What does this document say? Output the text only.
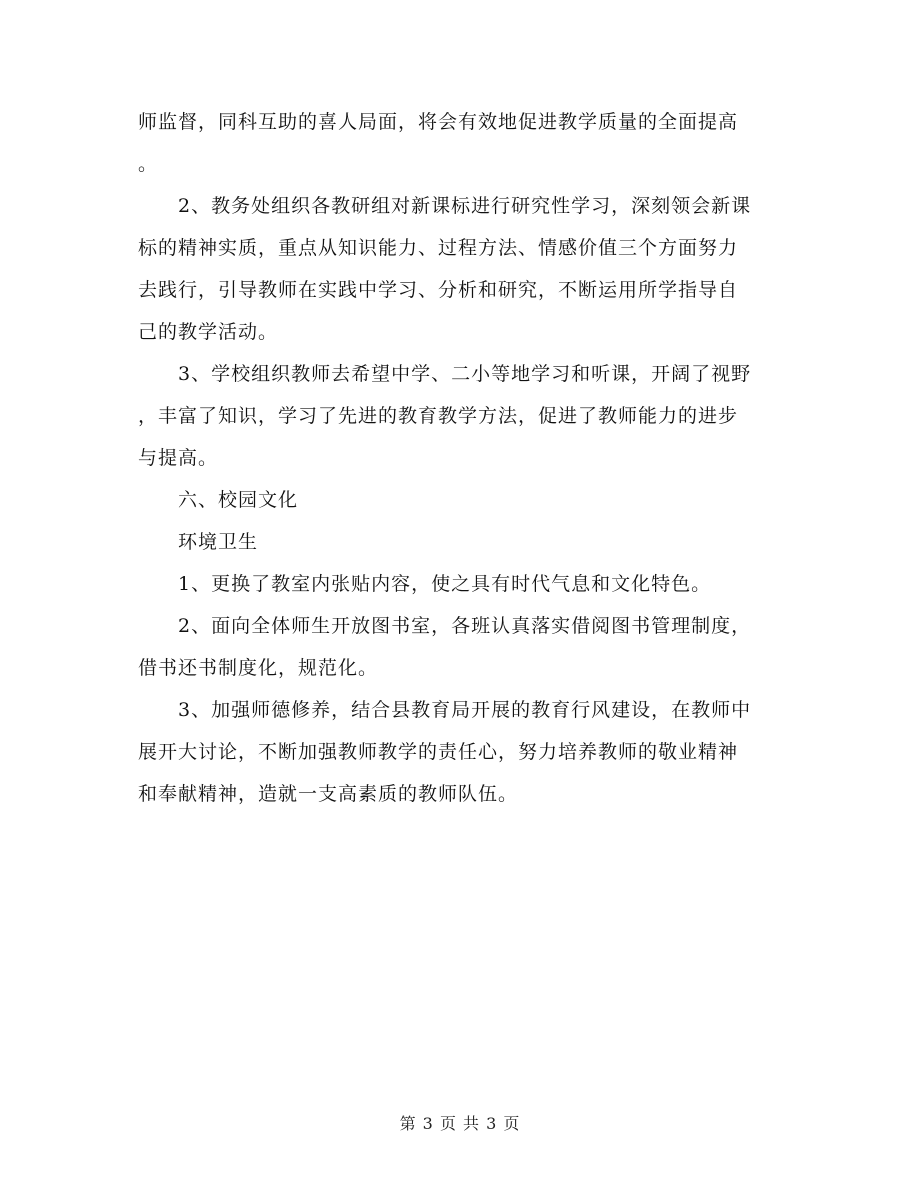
师监督，同科互助的喜人局面，将会有效地促进教学质量的全面提高
。
2、教务处组织各教研组对新课标进行研究性学习，深刻领会新课
标的精神实质，重点从知识能力、过程方法、情感价值三个方面努力
去践行，引导教师在实践中学习、分析和研究，不断运用所学指导自
己的教学活动。
3、学校组织教师去希望中学、二小等地学习和听课，开阔了视野
，丰富了知识，学习了先进的教育教学方法，促进了教师能力的进步
与提高。
六、校园文化
环境卫生
1、更换了教室内张贴内容，使之具有时代气息和文化特色。
2、面向全体师生开放图书室，各班认真落实借阅图书管理制度，
借书还书制度化，规范化。
3、加强师德修养，结合县教育局开展的教育行风建设，在教师中
展开大讨论，不断加强教师教学的责任心，努力培养教师的敬业精神
和奉献精神，造就一支高素质的教师队伍。
第 3 页 共 3 页
